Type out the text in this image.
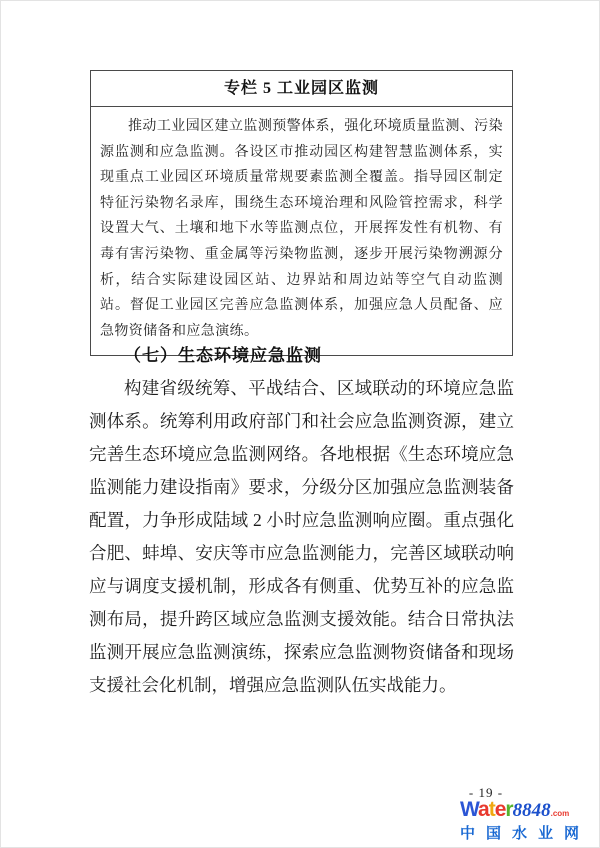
专栏 5 工业园区监测
推动工业园区建立监测预警体系，强化环境质量监测、污染源监测和应急监测。各设区市推动园区构建智慧监测体系，实现重点工业园区环境质量常规要素监测全覆盖。指导园区制定特征污染物名录库，围绕生态环境治理和风险管控需求，科学设置大气、土壤和地下水等监测点位，开展挥发性有机物、有毒有害污染物、重金属等污染物监测，逐步开展污染物溯源分析，结合实际建设园区站、边界站和周边站等空气自动监测站。督促工业园区完善应急监测体系，加强应急人员配备、应急物资储备和应急演练。
（七）生态环境应急监测

构建省级统筹、平战结合、区域联动的环境应急监测体系。统筹利用政府部门和社会应急监测资源，建立完善生态环境应急监测网络。各地根据《生态环境应急监测能力建设指南》要求，分级分区加强应急监测装备配置，力争形成陆域 2 小时应急监测响应圈。重点强化合肥、蚌埠、安庆等市应急监测能力，完善区域联动响应与调度支援机制，形成各有侧重、优势互补的应急监测布局，提升跨区域应急监测支援效能。结合日常执法监测开展应急监测演练，探索应急监测物资储备和现场支援社会化机制，增强应急监测队伍实战能力。

- 19 -
Water8848.com
中国水业网
